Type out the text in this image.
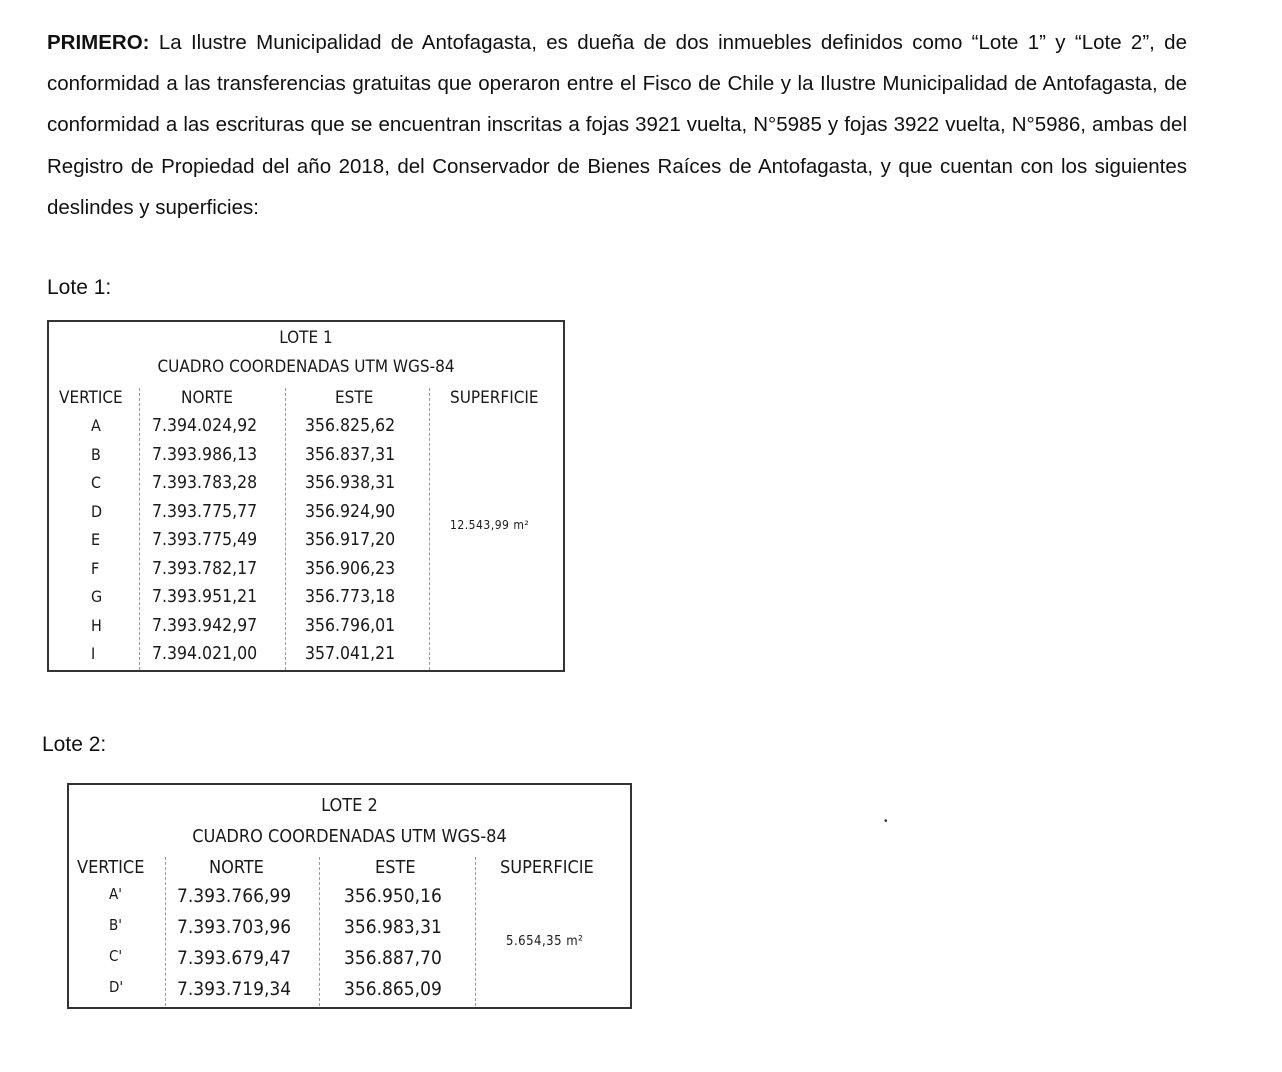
PRIMERO: La Ilustre Municipalidad de Antofagasta, es dueña de dos inmuebles definidos como “Lote 1” y “Lote 2”, de conformidad a las transferencias gratuitas que operaron entre el Fisco de Chile y la Ilustre Municipalidad de Antofagasta, de conformidad a las escrituras que se encuentran inscritas a fojas 3921 vuelta, N°5985 y fojas 3922 vuelta, N°5986, ambas del Registro de Propiedad del año 2018, del Conservador de Bienes Raíces de Antofagasta, y que cuentan con los siguientes deslindes y superficies:

Lote 1:

LOTE 1
CUADRO COORDENADAS UTM WGS-84
VERTICE	NORTE	ESTE	SUPERFICIE
A	7.394.024,92	356.825,62
B	7.393.986,13	356.837,31
C	7.393.783,28	356.938,31
D	7.393.775,77	356.924,90
E	7.393.775,49	356.917,20
F	7.393.782,17	356.906,23
G	7.393.951,21	356.773,18
H	7.393.942,97	356.796,01
I	7.394.021,00	357.041,21
12.543,99 m²

Lote 2:

LOTE 2
CUADRO COORDENADAS UTM WGS-84
VERTICE	NORTE	ESTE	SUPERFICIE
A'	7.393.766,99	356.950,16
B'	7.393.703,96	356.983,31
C'	7.393.679,47	356.887,70
D'	7.393.719,34	356.865,09
5.654,35 m²
•
